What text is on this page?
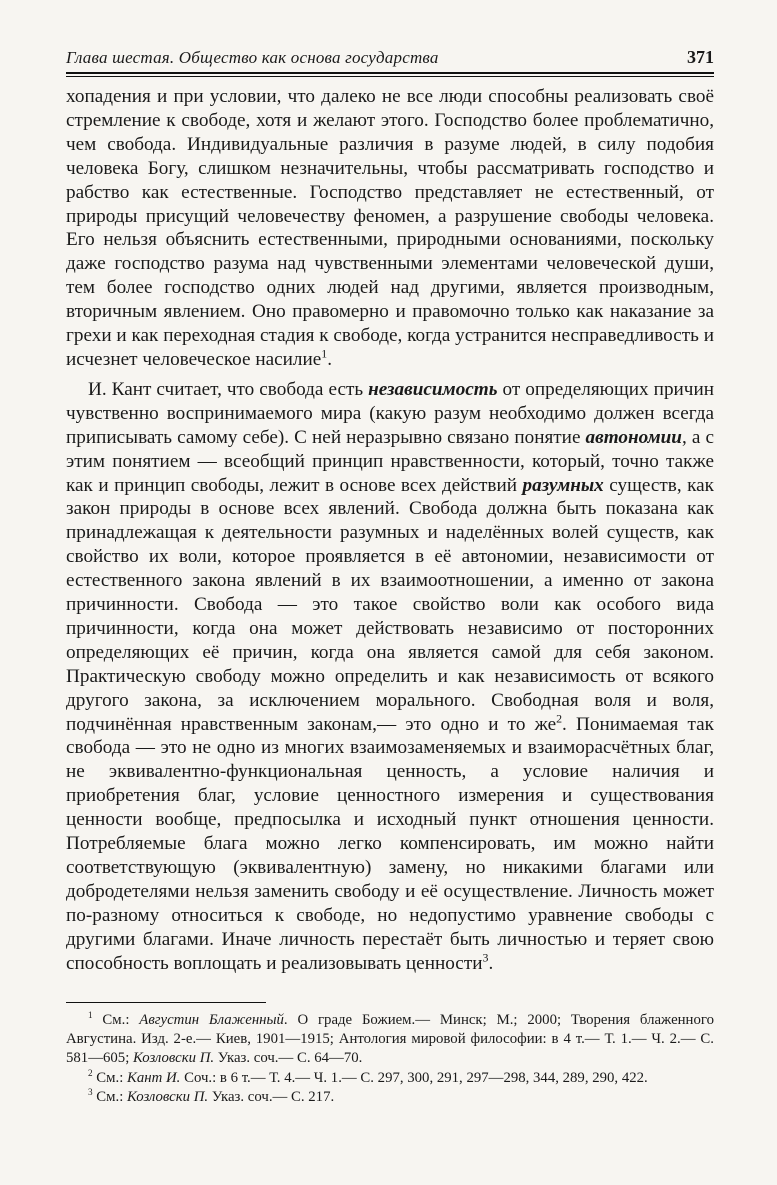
Глава шестая. Общество как основа государства	371

хопадения и при условии, что далеко не все люди способны реализовать своё стремление к свободе, хотя и желают этого. Господство более проблематично, чем свобода. Индивидуальные различия в разуме людей, в силу подобия человека Богу, слишком незначительны, чтобы рассматривать господство и рабство как естественные. Господство представляет не естественный, от природы присущий человечеству феномен, а разрушение свободы человека. Его нельзя объяснить естественными, природными основаниями, поскольку даже господство разума над чувственными элементами человеческой души, тем более господство одних людей над другими, является производным, вторичным явлением. Оно правомерно и правомочно только как наказание за грехи и как переходная стадия к свободе, когда устранится несправедливость и исчезнет человеческое насилие$^1$.

И. Кант считает, что свобода есть независимость от определяющих причин чувственно воспринимаемого мира (какую разум необходимо должен всегда приписывать самому себе). С ней неразрывно связано понятие автономии, а с этим понятием — всеобщий принцип нравственности, который, точно также как и принцип свободы, лежит в основе всех действий разумных существ, как закон природы в основе всех явлений. Свобода должна быть показана как принадлежащая к деятельности разумных и наделённых волей существ, как свойство их воли, которое проявляется в её автономии, независимости от естественного закона явлений в их взаимоотношении, а именно от закона причинности. Свобода — это такое свойство воли как особого вида причинности, когда она может действовать независимо от посторонних определяющих её причин, когда она является самой для себя законом. Практическую свободу можно определить и как независимость от всякого другого закона, за исключением морального. Свободная воля и воля, подчинённая нравственным законам,— это одно и то $же^2$. Понимаемая так свобода — это не одно из многих взаимозаменяемых и взаиморасчётных благ, не эквивалентно-функциональная ценность, а условие наличия и приобретения благ, условие ценностного измерения и существования ценности вообще, предпосылка и исходный пункт отношения ценности. Потребляемые блага можно легко компенсировать, им можно найти соответствующую (эквивалентную) замену, но никакими благами или добродетелями нельзя заменить свободу и её осуществление. Личность может по-разному относиться к свободе, но недопустимо уравнение свободы с другими благами. Иначе личность перестаёт быть личностью и теряет свою способность воплощать и реализовывать ценности$^3$.

$^1$ См.: Августин Блаженный. О граде Божием.— Минск; М.; 2000; Творения блаженного Августина. Изд. 2-е.— Киев, 1901—1915; Антология мировой философии: в 4 т.— Т. 1.— Ч. 2.— С. 581—605; Козловски П. Указ. соч.— С. 64—70.

$^2$ См.: Кант И. Соч.: в 6 т.— Т. 4.— Ч. 1.— С. 297, 300, 291, 297—298, 344, 289, 290, 422.

$^3$ См.: Козловски П. Указ. соч.— С. 217.
